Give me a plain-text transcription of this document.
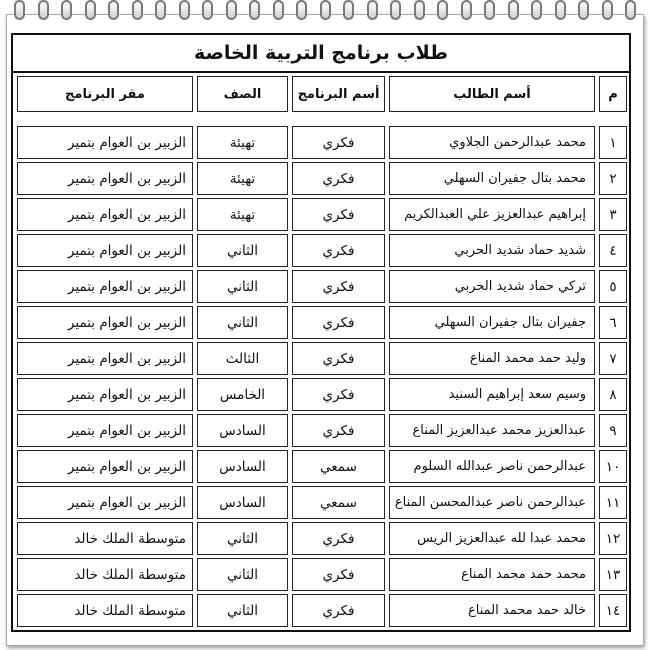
طلاب برنامج التربية الخاصة
م	أسم الطالب	أسم البرنامج	الصف	مقر البرنامج

١	محمد عبدالرحمن الجلاوي	فكري	تهيئة	الزبير بن العوام بتمير
٢	محمد بتال جفيران السهلي	فكري	تهيئة	الزبير بن العوام بتمير
٣	إبراهيم عبدالعزيز علي العبدالكريم	فكري	تهيئة	الزبير بن العوام بتمير
٤	شديد حماد شديد الحربي	فكري	الثاني	الزبير بن العوام بتمير
٥	تركي حماد شديد الحربي	فكري	الثاني	الزبير بن العوام بتمير
٦	جفيران بتال جفيران السهلي	فكري	الثاني	الزبير بن العوام بتمير
٧	وليد حمد محمد المناع	فكري	الثالث	الزبير بن العوام بتمير
٨	وسيم سعد إبراهيم السنيد	فكري	الخامس	الزبير بن العوام بتمير
٩	عبدالعزيز محمد عبدالعزيز المناع	فكري	السادس	الزبير بن العوام بتمير
١٠	عبدالرحمن ناصر عبدالله السلوم	سمعي	السادس	الزبير بن العوام بتمير
١١	عبدالرحمن ناصر عبدالمحسن المناع	سمعي	السادس	الزبير بن العوام بتمير
١٢	محمد عبدا لله عبدالعزيز الريس	فكري	الثاني	متوسطة الملك خالد
١٣	محمد حمد محمد المناع	فكري	الثاني	متوسطة الملك خالد
١٤	خالد حمد محمد المناع	فكري	الثاني	متوسطة الملك خالد
